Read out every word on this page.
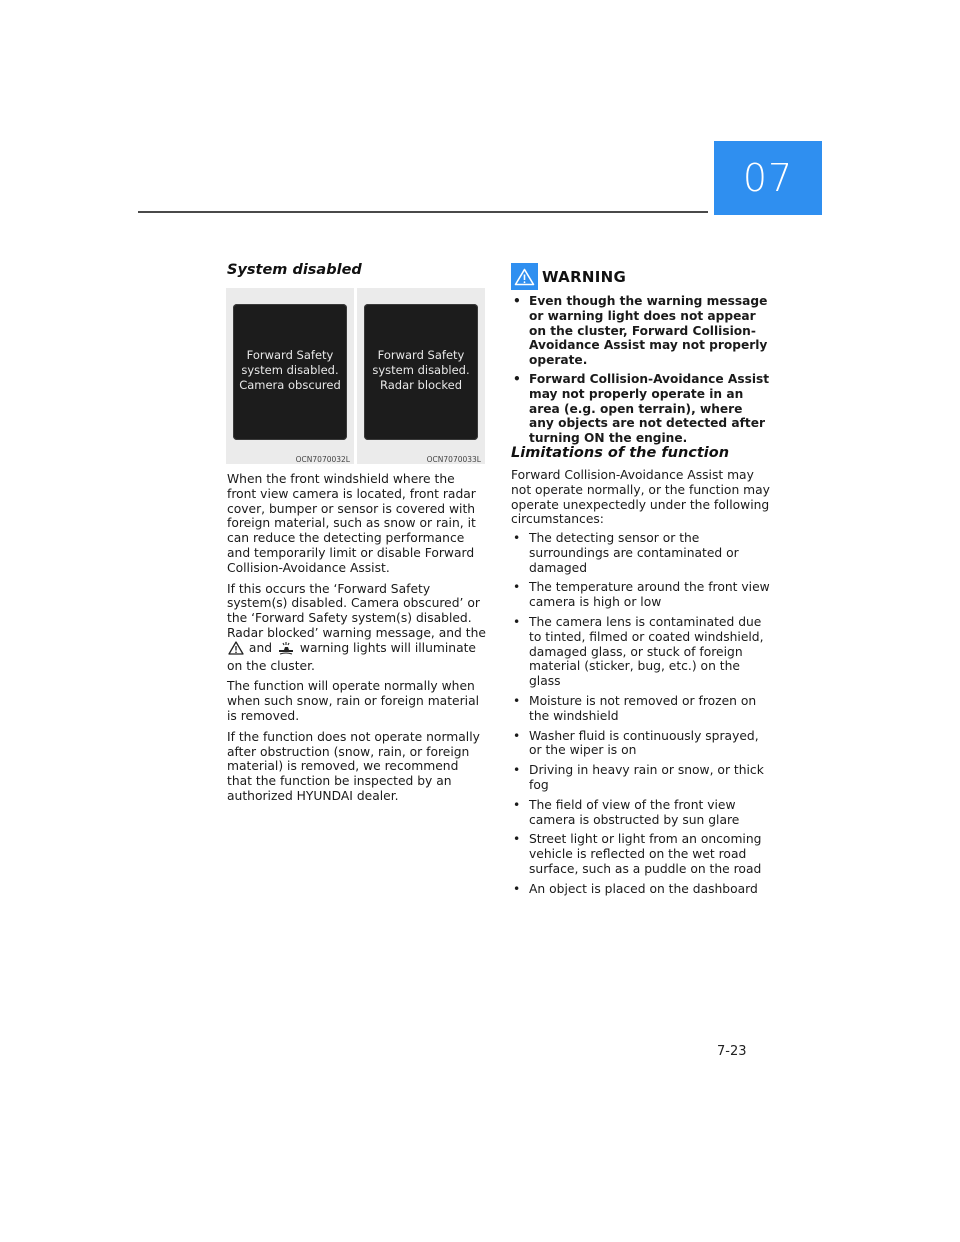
07
System disabled
Forward Safety
system disabled.
Camera obscured
OCN7070032L
Forward Safety
system disabled.
Radar blocked
OCN7070033L

When the front windshield where the front view camera is located, front radar cover, bumper or sensor is covered with foreign material, such as snow or rain, it can reduce the detecting performance and temporarily limit or disable Forward Collision-Avoidance Assist.

If this occurs the ‘Forward Safety system(s) disabled. Camera obscured’ or the ‘Forward Safety system(s) disabled. Radar blocked’ warning message, and the  and warning lights will illuminate on the cluster.

The function will operate normally when when such snow, rain or foreign material is removed.

If the function does not operate normally after obstruction (snow, rain, or foreign material) is removed, we recommend that the function be inspected by an authorized HYUNDAI dealer.

WARNING
• Even though the warning message or warning light does not appear on the cluster, Forward Collision-Avoidance Assist may not properly operate.
• Forward Collision-Avoidance Assist may not properly operate in an area (e.g. open terrain), where any objects are not detected after turning ON the engine.
Limitations of the function

Forward Collision-Avoidance Assist may not operate normally, or the function may operate unexpectedly under the following circumstances:

• The detecting sensor or the surroundings are contaminated or damaged
• The temperature around the front view camera is high or low
• The camera lens is contaminated due to tinted, filmed or coated windshield, damaged glass, or stuck of foreign material (sticker, bug, etc.) on the glass
• Moisture is not removed or frozen on the windshield
• Washer fluid is continuously sprayed, or the wiper is on
• Driving in heavy rain or snow, or thick fog
• The field of view of the front view camera is obstructed by sun glare
• Street light or light from an oncoming vehicle is reflected on the wet road surface, such as a puddle on the road
• An object is placed on the dashboard
7-23
